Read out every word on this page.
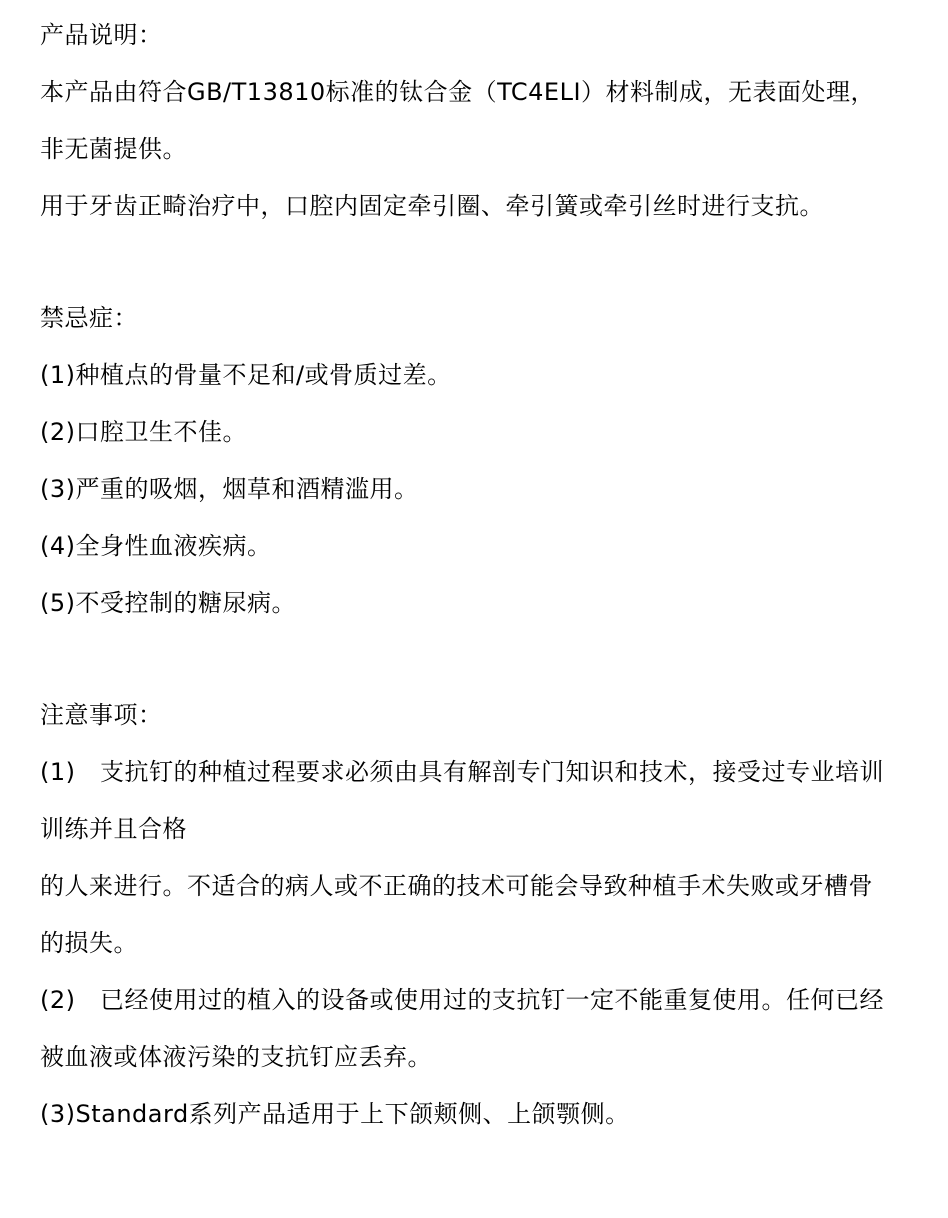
产品说明：

本产品由符合GB/T13810标准的钛合金（TC4ELI）材料制成，无表面处理，

非无菌提供。

用于牙齿正畸治疗中，口腔内固定牵引圈、牵引簧或牵引丝时进行支抗。

禁忌症：

(1)种植点的骨量不足和/或骨质过差。

(2)口腔卫生不佳。

(3)严重的吸烟，烟草和酒精滥用。

(4)全身性血液疾病。

(5)不受控制的糖尿病。

注意事项：

(1)　支抗钉的种植过程要求必须由具有解剖专门知识和技术，接受过专业培训

训练并且合格

的人来进行。不适合的病人或不正确的技术可能会导致种植手术失败或牙槽骨

的损失。

(2)　已经使用过的植入的设备或使用过的支抗钉一定不能重复使用。任何已经

被血液或体液污染的支抗钉应丢弃。

(3)Standard系列产品适用于上下颌颊侧、上颌颚侧。
